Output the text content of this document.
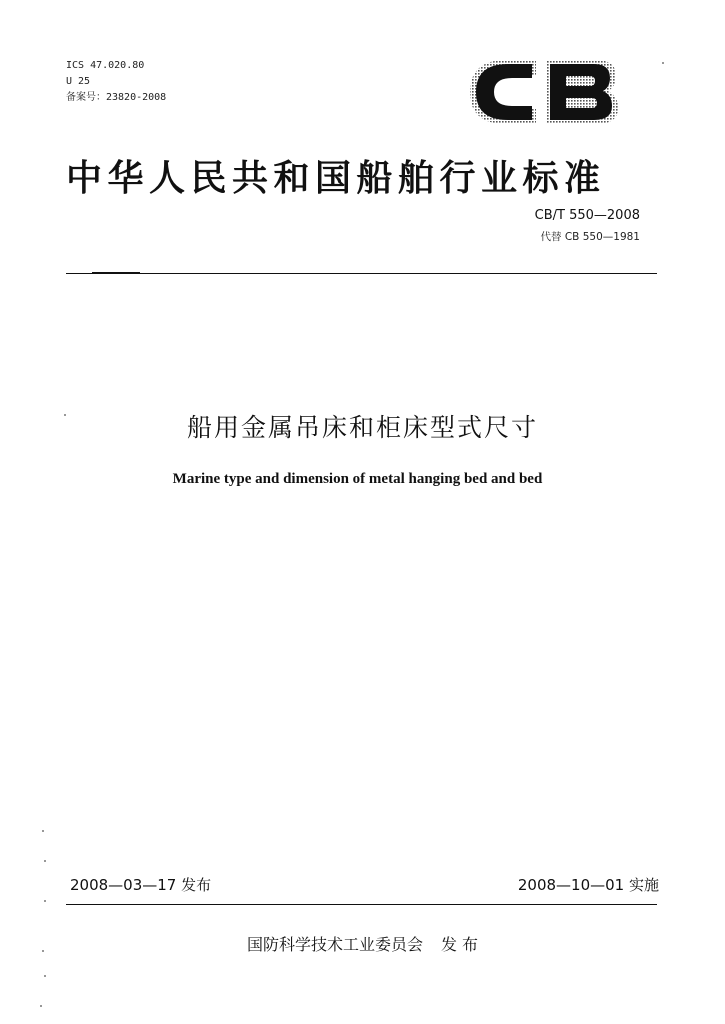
ICS 47.020.80
U 25
备案号：23820-2008
中华人民共和国船舶行业标准
CB/T 550—2008
代替 CB 550—1981
船用金属吊床和柜床型式尺寸
Marine type and dimension of metal hanging bed and bed
2008—03—17 发布	2008—10—01 实施
国防科学技术工业委员会 发 布
